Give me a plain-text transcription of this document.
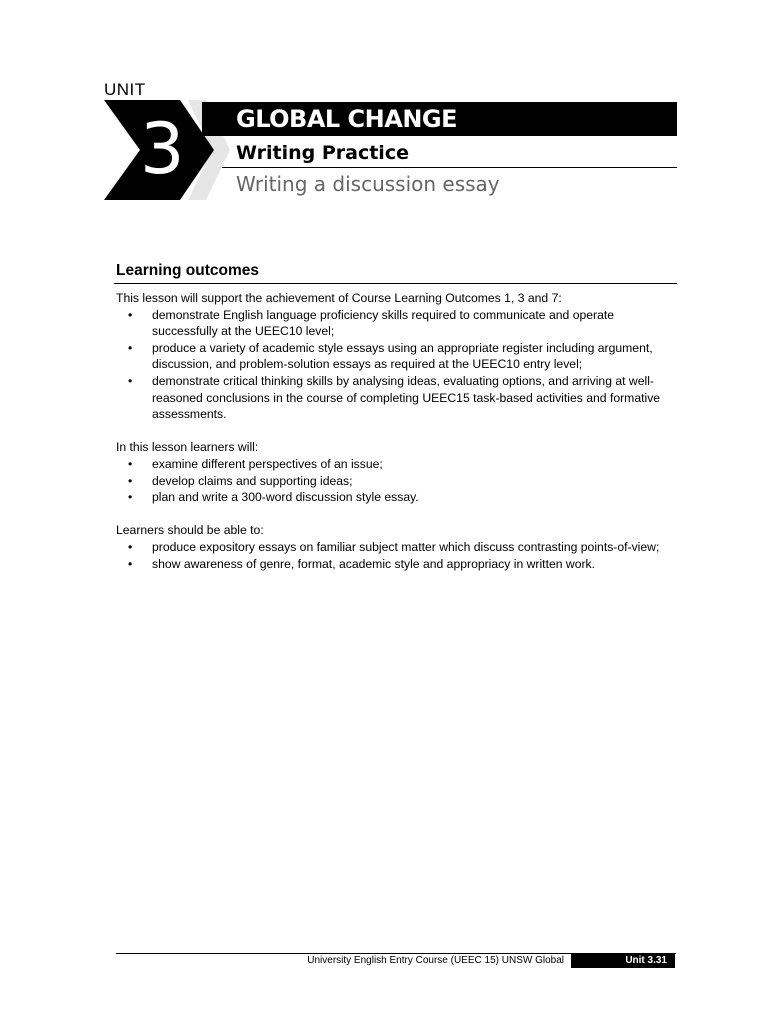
UNIT
3 GLOBAL CHANGE
Writing Practice
Writing a discussion essay
Learning outcomes

This lesson will support the achievement of Course Learning Outcomes 1, 3 and 7:

• demonstrate English language proficiency skills required to communicate and operate successfully at the UEEC10 level;
• produce a variety of academic style essays using an appropriate register including argument, discussion, and problem-solution essays as required at the UEEC10 entry level;
• demonstrate critical thinking skills by analysing ideas, evaluating options, and arriving at well-reasoned conclusions in the course of completing UEEC15 task-based activities and formative assessments.

In this lesson learners will:

• examine different perspectives of an issue;
• develop claims and supporting ideas;
• plan and write a 300-word discussion style essay.

Learners should be able to:

• produce expository essays on familiar subject matter which discuss contrasting points-of-view;
• show awareness of genre, format, academic style and appropriacy in written work.
University English Entry Course (UEEC 15) UNSW Global	Unit 3.31
